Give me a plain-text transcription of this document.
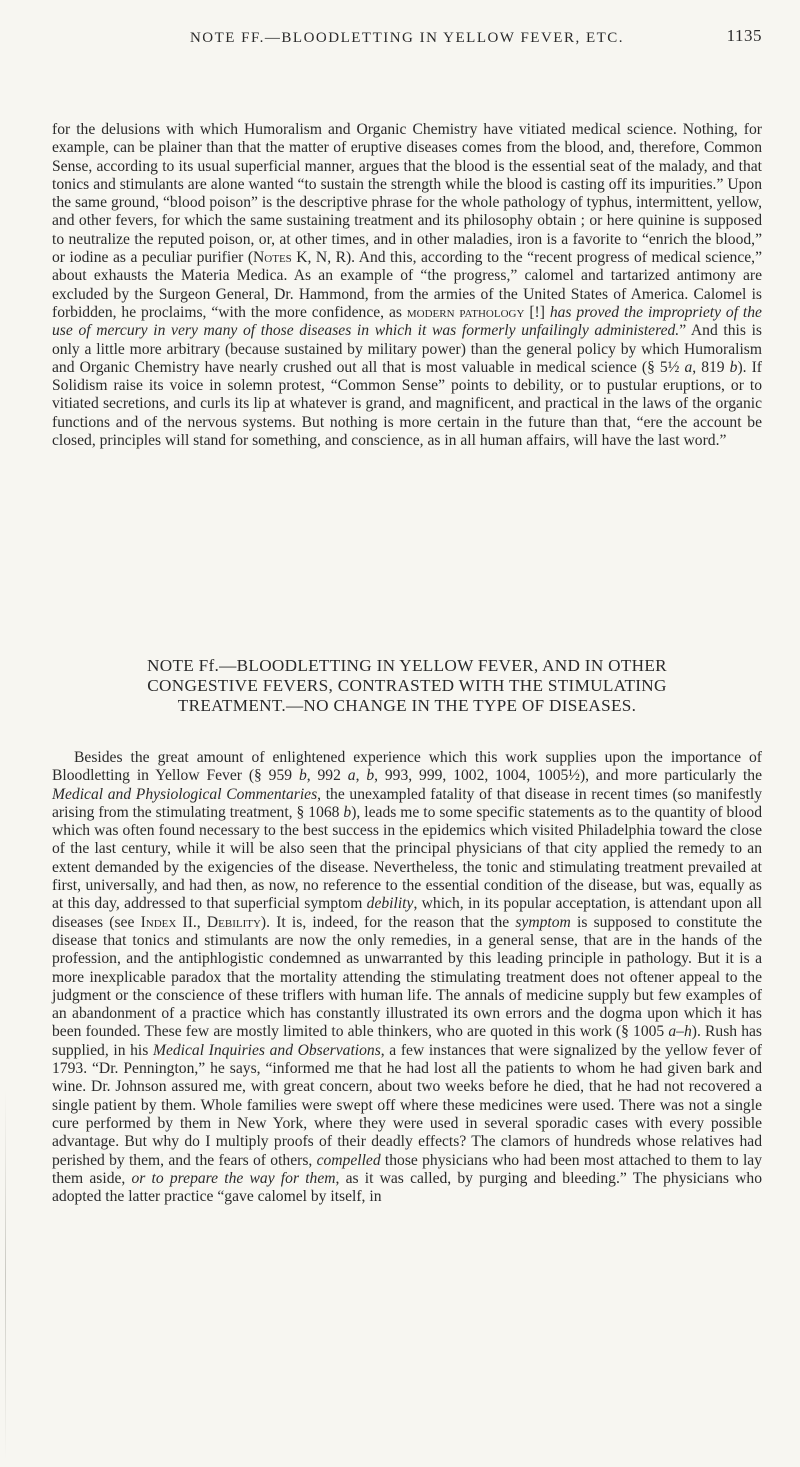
NOTE FF.—BLOODLETTING IN YELLOW FEVER, ETC.	1135

for the delusions with which Humoralism and Organic Chemistry have vitiated medical science. Nothing, for example, can be plainer than that the matter of eruptive diseases comes from the blood, and, therefore, Common Sense, according to its usual superficial manner, argues that the blood is the essential seat of the malady, and that tonics and stimulants are alone wanted “to sustain the strength while the blood is casting off its impurities.” Upon the same ground, “blood poison” is the descriptive phrase for the whole pathology of typhus, intermittent, yellow, and other fevers, for which the same sustaining treatment and its philosophy obtain ; or here quinine is supposed to neutralize the reputed poison, or, at other times, and in other maladies, iron is a favorite to “enrich the blood,” or iodine as a peculiar purifier (Notes K, N, R). And this, according to the “recent progress of medical science,” about exhausts the Materia Medica. As an example of “the progress,” calomel and tartarized antimony are excluded by the Surgeon General, Dr. Hammond, from the armies of the United States of America. Calomel is forbidden, he proclaims, “with the more confidence, as modern pathology [!] has proved the impropriety of the use of mercury in very many of those diseases in which it was formerly unfailingly administered.” And this is only a little more arbitrary (because sustained by military power) than the general policy by which Humoralism and Organic Chemistry have nearly crushed out all that is most valuable in medical science (§ 5½ a, 819 b). If Solidism raise its voice in solemn protest, “Common Sense” points to debility, or to pustular eruptions, or to vitiated secretions, and curls its lip at whatever is grand, and magnificent, and practical in the laws of the organic functions and of the nervous systems. But nothing is more certain in the future than that, “ere the account be closed, principles will stand for something, and conscience, as in all human affairs, will have the last word.”

NOTE Ff.—BLOODLETTING IN YELLOW FEVER, AND IN OTHER
CONGESTIVE FEVERS, CONTRASTED WITH THE STIMULATING
TREATMENT.—NO CHANGE IN THE TYPE OF DISEASES.

Besides the great amount of enlightened experience which this work supplies upon the importance of Bloodletting in Yellow Fever (§ 959 b, 992 a, b, 993, 999, 1002, 1004, 1005½), and more particularly the Medical and Physiological Commentaries, the unexampled fatality of that disease in recent times (so manifestly arising from the stimulating treatment, § 1068 b), leads me to some specific statements as to the quantity of blood which was often found necessary to the best success in the epidemics which visited Philadelphia toward the close of the last century, while it will be also seen that the principal physicians of that city applied the remedy to an extent demanded by the exigencies of the disease. Nevertheless, the tonic and stimulating treatment prevailed at first, universally, and had then, as now, no reference to the essential condition of the disease, but was, equally as at this day, addressed to that superficial symptom debility, which, in its popular acceptation, is attendant upon all diseases (see Index II., Debility). It is, indeed, for the reason that the symptom is supposed to constitute the disease that tonics and stimulants are now the only remedies, in a general sense, that are in the hands of the profession, and the antiphlogistic condemned as unwarranted by this leading principle in pathology. But it is a more inexplicable paradox that the mortality attending the stimulating treatment does not oftener appeal to the judgment or the conscience of these triflers with human life. The annals of medicine supply but few examples of an abandonment of a practice which has constantly illustrated its own errors and the dogma upon which it has been founded. These few are mostly limited to able thinkers, who are quoted in this work (§ 1005 a–h). Rush has supplied, in his Medical Inquiries and Observations, a few instances that were signalized by the yellow fever of 1793. “Dr. Pennington,” he says, “informed me that he had lost all the patients to whom he had given bark and wine. Dr. Johnson assured me, with great concern, about two weeks before he died, that he had not recovered a single patient by them. Whole families were swept off where these medicines were used. There was not a single cure performed by them in New York, where they were used in several sporadic cases with every possible advantage. But why do I multiply proofs of their deadly effects? The clamors of hundreds whose relatives had perished by them, and the fears of others, compelled those physicians who had been most attached to them to lay them aside, or to prepare the way for them, as it was called, by purging and bleeding.” The physicians who adopted the latter practice “gave calomel by itself, in
